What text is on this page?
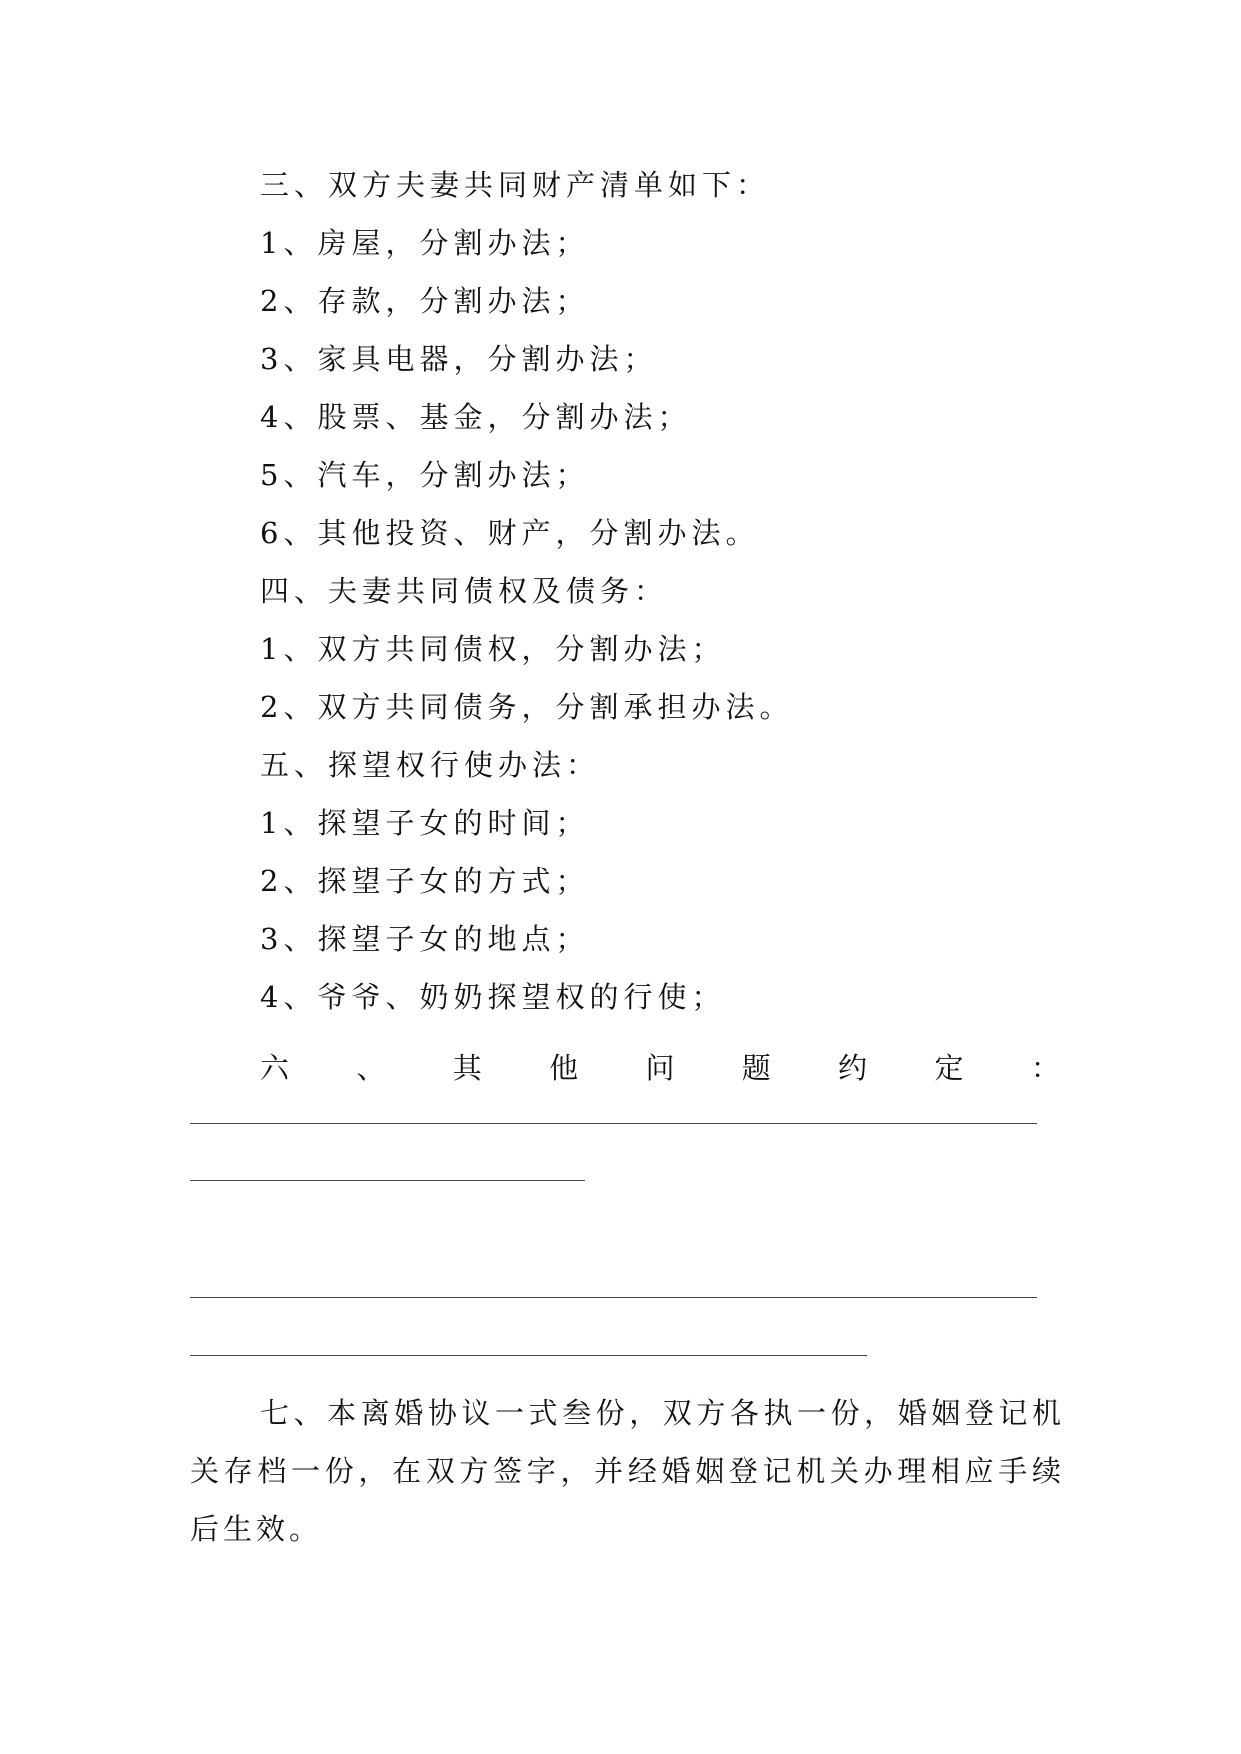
三、双方夫妻共同财产清单如下：
1、房屋，分割办法；
2、存款，分割办法；
3、家具电器，分割办法；
4、股票、基金，分割办法；
5、汽车，分割办法；
6、其他投资、财产，分割办法。
四、夫妻共同债权及债务：
1、双方共同债权，分割办法；
2、双方共同债务，分割承担办法。
五、探望权行使办法：
1、探望子女的时间；
2、探望子女的方式；
3、探望子女的地点；
4、爷爷、奶奶探望权的行使；
六 、 其 他 问 题 约 定 ：
七、本离婚协议一式叁份，双方各执一份，婚姻登记机关存档一份，在双方签字，并经婚姻登记机关办理相应手续后生效。
